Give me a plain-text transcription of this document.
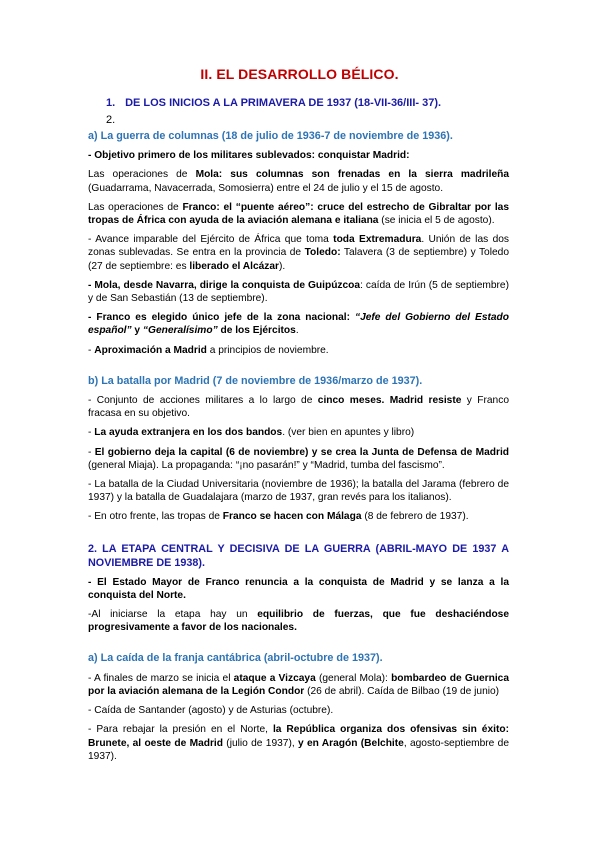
II. EL DESARROLLO BÉLICO.
1. DE LOS INICIOS A LA PRIMAVERA DE 1937 (18-VII-36/III- 37).
2.
a) La guerra de columnas (18 de julio de 1936-7 de noviembre de 1936).
- Objetivo primero de los militares sublevados: conquistar Madrid:
Las operaciones de Mola: sus columnas son frenadas en la sierra madrileña (Guadarrama, Navacerrada, Somosierra) entre el 24 de julio y el 15 de agosto.
Las operaciones de Franco: el “puente aéreo”: cruce del estrecho de Gibraltar por las tropas de África con ayuda de la aviación alemana e italiana (se inicia el 5 de agosto).
- Avance imparable del Ejército de África que toma toda Extremadura. Unión de las dos zonas sublevadas. Se entra en la provincia de Toledo: Talavera (3 de septiembre) y Toledo (27 de septiembre: es liberado el Alcázar).
- Mola, desde Navarra, dirige la conquista de Guipúzcoa: caída de Irún (5 de septiembre) y de San Sebastián (13 de septiembre).
- Franco es elegido único jefe de la zona nacional: “Jefe del Gobierno del Estado español” y “Generalísimo” de los Ejércitos.
- Aproximación a Madrid a principios de noviembre.
b) La batalla por Madrid (7 de noviembre de 1936/marzo de 1937).
- Conjunto de acciones militares a lo largo de cinco meses. Madrid resiste y Franco fracasa en su objetivo.
- La ayuda extranjera en los dos bandos. (ver bien en apuntes y libro)
- El gobierno deja la capital (6 de noviembre) y se crea la Junta de Defensa de Madrid (general Miaja). La propaganda: “¡no pasarán!” y “Madrid, tumba del fascismo”.
- La batalla de la Ciudad Universitaria (noviembre de 1936); la batalla del Jarama (febrero de 1937) y la batalla de Guadalajara (marzo de 1937, gran revés para los italianos).
- En otro frente, las tropas de Franco se hacen con Málaga (8 de febrero de 1937).
2. LA ETAPA CENTRAL Y DECISIVA DE LA GUERRA (ABRIL-MAYO DE 1937 A NOVIEMBRE DE 1938).
- El Estado Mayor de Franco renuncia a la conquista de Madrid y se lanza a la conquista del Norte.
-Al iniciarse la etapa hay un equilibrio de fuerzas, que fue deshaciéndose progresivamente a favor de los nacionales.
a) La caída de la franja cantábrica (abril-octubre de 1937).
- A finales de marzo se inicia el ataque a Vizcaya (general Mola): bombardeo de Guernica por la aviación alemana de la Legión Condor (26 de abril). Caída de Bilbao (19 de junio)
- Caída de Santander (agosto) y de Asturias (octubre).
- Para rebajar la presión en el Norte, la República organiza dos ofensivas sin éxito: Brunete, al oeste de Madrid (julio de 1937), y en Aragón (Belchite, agosto-septiembre de 1937).
